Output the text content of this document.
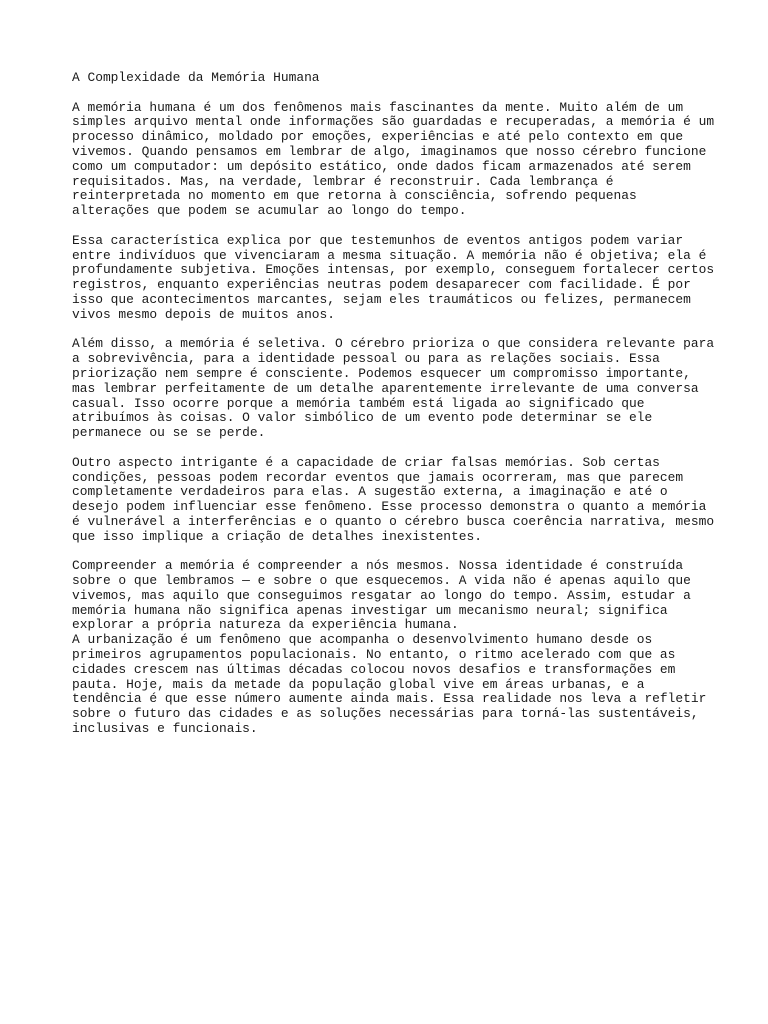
A Complexidade da Memória Humana
A memória humana é um dos fenômenos mais fascinantes da mente. Muito além de um
simples arquivo mental onde informações são guardadas e recuperadas, a memória é um
processo dinâmico, moldado por emoções, experiências e até pelo contexto em que
vivemos. Quando pensamos em lembrar de algo, imaginamos que nosso cérebro funcione
como um computador: um depósito estático, onde dados ficam armazenados até serem
requisitados. Mas, na verdade, lembrar é reconstruir. Cada lembrança é
reinterpretada no momento em que retorna à consciência, sofrendo pequenas
alterações que podem se acumular ao longo do tempo.
Essa característica explica por que testemunhos de eventos antigos podem variar
entre indivíduos que vivenciaram a mesma situação. A memória não é objetiva; ela é
profundamente subjetiva. Emoções intensas, por exemplo, conseguem fortalecer certos
registros, enquanto experiências neutras podem desaparecer com facilidade. É por
isso que acontecimentos marcantes, sejam eles traumáticos ou felizes, permanecem
vivos mesmo depois de muitos anos.
Além disso, a memória é seletiva. O cérebro prioriza o que considera relevante para
a sobrevivência, para a identidade pessoal ou para as relações sociais. Essa
priorização nem sempre é consciente. Podemos esquecer um compromisso importante,
mas lembrar perfeitamente de um detalhe aparentemente irrelevante de uma conversa
casual. Isso ocorre porque a memória também está ligada ao significado que
atribuímos às coisas. O valor simbólico de um evento pode determinar se ele
permanece ou se se perde.
Outro aspecto intrigante é a capacidade de criar falsas memórias. Sob certas
condições, pessoas podem recordar eventos que jamais ocorreram, mas que parecem
completamente verdadeiros para elas. A sugestão externa, a imaginação e até o
desejo podem influenciar esse fenômeno. Esse processo demonstra o quanto a memória
é vulnerável a interferências e o quanto o cérebro busca coerência narrativa, mesmo
que isso implique a criação de detalhes inexistentes.
Compreender a memória é compreender a nós mesmos. Nossa identidade é construída
sobre o que lembramos — e sobre o que esquecemos. A vida não é apenas aquilo que
vivemos, mas aquilo que conseguimos resgatar ao longo do tempo. Assim, estudar a
memória humana não significa apenas investigar um mecanismo neural; significa
explorar a própria natureza da experiência humana.
A urbanização é um fenômeno que acompanha o desenvolvimento humano desde os
primeiros agrupamentos populacionais. No entanto, o ritmo acelerado com que as
cidades crescem nas últimas décadas colocou novos desafios e transformações em
pauta. Hoje, mais da metade da população global vive em áreas urbanas, e a
tendência é que esse número aumente ainda mais. Essa realidade nos leva a refletir
sobre o futuro das cidades e as soluções necessárias para torná-las sustentáveis,
inclusivas e funcionais.
